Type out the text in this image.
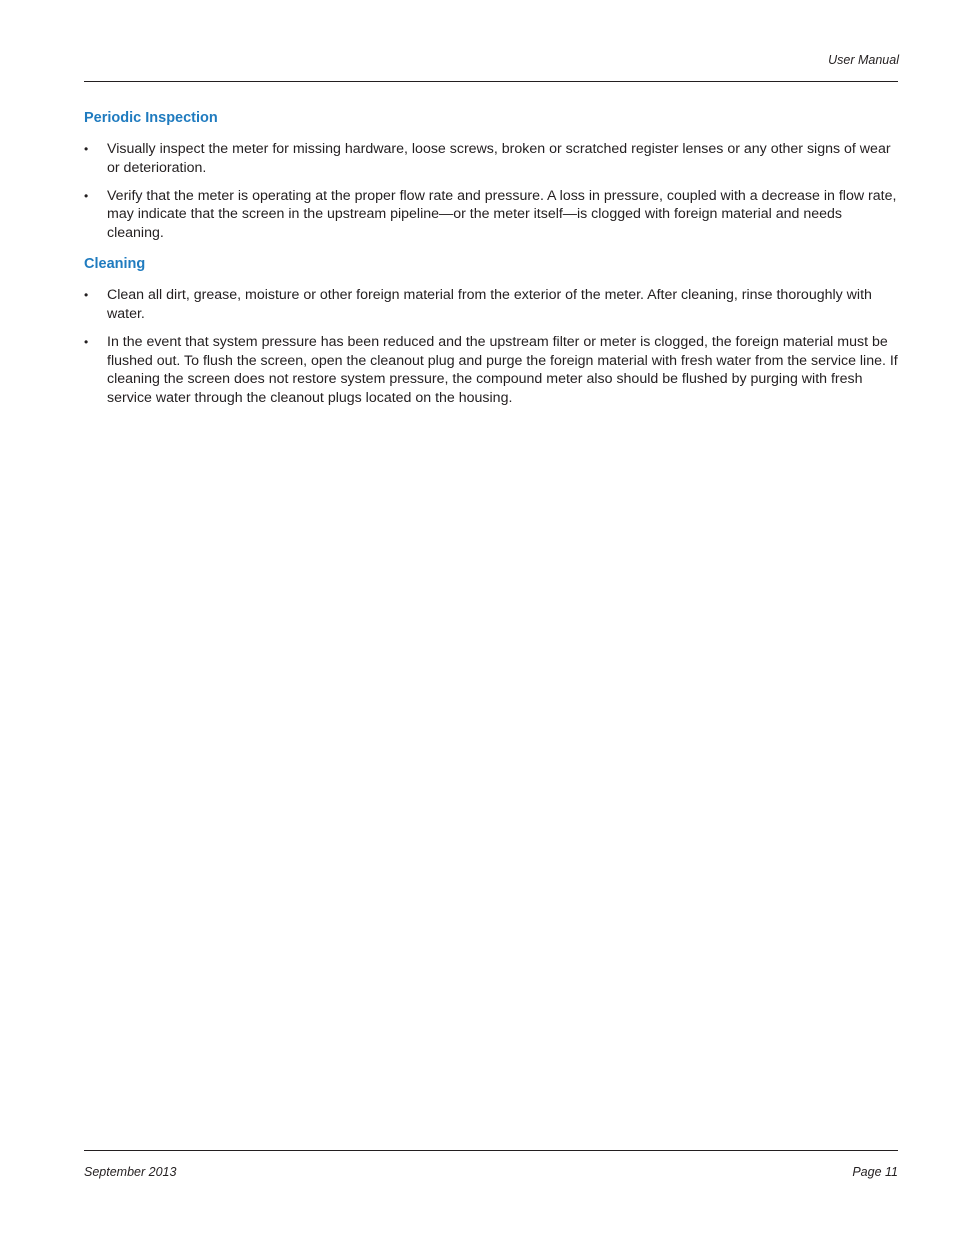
User Manual
Periodic Inspection
• Visually inspect the meter for missing hardware, loose screws, broken or scratched register lenses or any other signs of wear or deterioration.
• Verify that the meter is operating at the proper flow rate and pressure. A loss in pressure, coupled with a decrease in flow rate, may indicate that the screen in the upstream pipeline—or the meter itself—is clogged with foreign material and needs cleaning.
Cleaning
• Clean all dirt, grease, moisture or other foreign material from the exterior of the meter. After cleaning, rinse thoroughly with water.
• In the event that system pressure has been reduced and the upstream filter or meter is clogged, the foreign material must be flushed out. To flush the screen, open the cleanout plug and purge the foreign material with fresh water from the service line. If cleaning the screen does not restore system pressure, the compound meter also should be flushed by purging with fresh service water through the cleanout plugs located on the housing.
September 2013	Page 11
